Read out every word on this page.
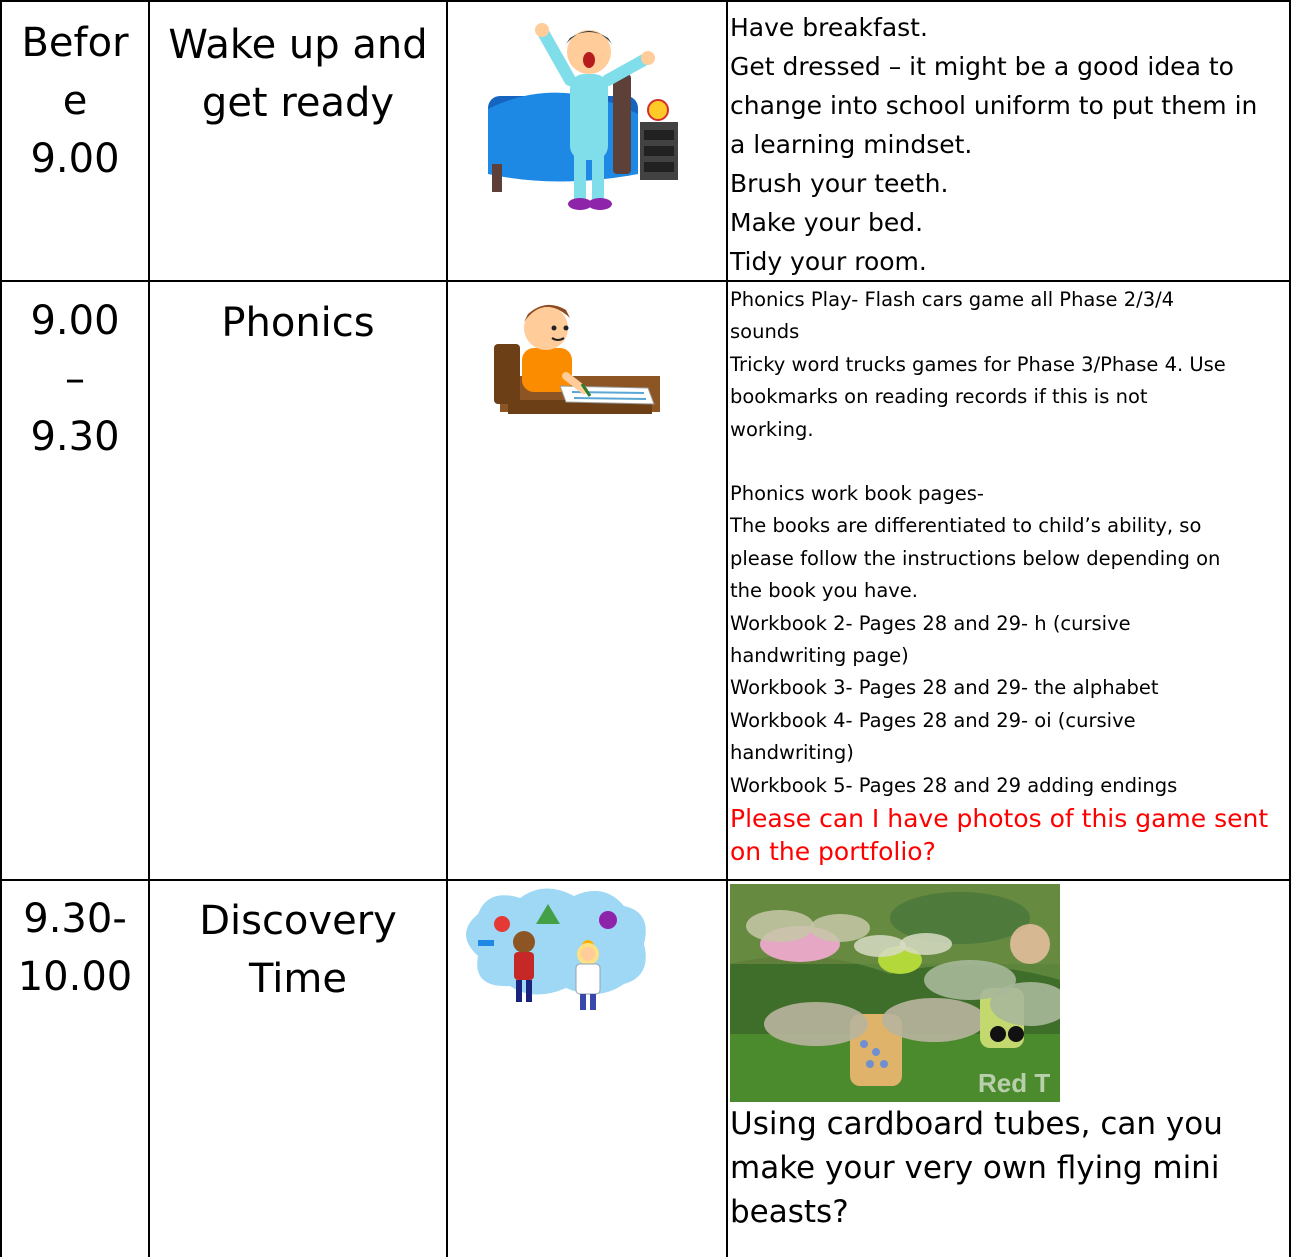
Befor
e
9.00
Wake up and
get ready
Have breakfast.
Get dressed – it might be a good idea to
change into school uniform to put them in
a learning mindset.
Brush your teeth.
Make your bed.
Tidy your room.
9.00
–
9.30
Phonics
Phonics Play- Flash cars game all Phase 2/3/4
sounds
Tricky word trucks games for Phase 3/Phase 4. Use
bookmarks on reading records if this is not
working.
Phonics work book pages-
The books are differentiated to child’s ability, so
please follow the instructions below depending on
the book you have.
Workbook 2- Pages 28 and 29- h (cursive
handwriting page)
Workbook 3- Pages 28 and 29- the alphabet
Workbook 4- Pages 28 and 29- oi (cursive
handwriting)
Workbook 5- Pages 28 and 29 adding endings
Please can I have photos of this game sent
on the portfolio?
9.30-
10.00
Discovery
Time
Red T
Using cardboard tubes, can you
make your very own flying mini
beasts?
